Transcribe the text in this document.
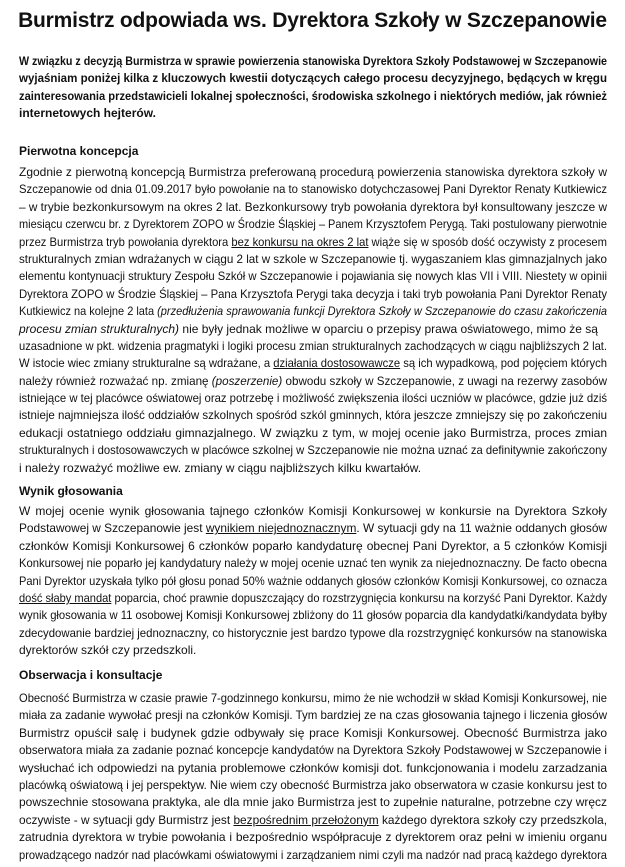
Burmistrz odpowiada ws. Dyrektora Szkoły w Szczepanowie
W związku z decyzją Burmistrza w sprawie powierzenia stanowiska Dyrektora Szkoły Podstawowej w Szczepanowie
wyjaśniam poniżej kilka z kluczowych kwestii dotyczących całego procesu decyzyjnego, będących w kręgu
zainteresowania przedstawicieli lokalnej społeczności, środowiska szkolnego i niektórych mediów, jak również
internetowych hejterów.
Pierwotna koncepcja
Zgodnie z pierwotną koncepcją Burmistrza preferowaną procedurą powierzenia stanowiska dyrektora szkoły w
Szczepanowie od dnia 01.09.2017 było powołanie na to stanowisko dotychczasowej Pani Dyrektor Renaty Kutkiewicz
– w trybie bezkonkursowym na okres 2 lat. Bezkonkursowy tryb powołania dyrektora był konsultowany jeszcze w
miesiącu czerwcu br. z Dyrektorem ZOPO w Środzie Śląskiej – Panem Krzysztofem Perygą. Taki postulowany pierwotnie
przez Burmistrza tryb powołania dyrektora bez konkursu na okres 2 lat wiąże się w sposób dość oczywisty z procesem
strukturalnych zmian wdrażanych w ciągu 2 lat w szkole w Szczepanowie tj. wygaszaniem klas gimnazjalnych jako
elementu kontynuacji struktury Zespołu Szkół w Szczepanowie i pojawiania się nowych klas VII i VIII. Niestety w opinii
Dyrektora ZOPO w Środzie Śląskiej – Pana Krzysztofa Perygi taka decyzja i taki tryb powołania Pani Dyrektor Renaty
Kutkiewicz na kolejne 2 lata (przedłużenia sprawowania funkcji Dyrektora Szkoły w Szczepanowie do czasu zakończenia
procesu zmian strukturalnych) nie były jednak możliwe w oparciu o przepisy prawa oświatowego, mimo że są
uzasadnione w pkt. widzenia pragmatyki i logiki procesu zmian strukturalnych zachodzących w ciągu najbliższych 2 lat.
W istocie wiec zmiany strukturalne są wdrażane, a działania dostosowawcze są ich wypadkową, pod pojęciem których
należy również rozważać np. zmianę (poszerzenie) obwodu szkoły w Szczepanowie, z uwagi na rezerwy zasobów
istniejące w tej placówce oświatowej oraz potrzebę i możliwość zwiększenia ilości uczniów w placówce, gdzie już dziś
istnieje najmniejsza ilość oddziałów szkolnych spośród szkól gminnych, która jeszcze zmniejszy się po zakończeniu
edukacji ostatniego oddziału gimnazjalnego. W związku z tym, w mojej ocenie jako Burmistrza, proces zmian
strukturalnych i dostosowawczych w placówce szkolnej w Szczepanowie nie można uznać za definitywnie zakończony
i należy rozważyć możliwe ew. zmiany w ciągu najbliższych kilku kwartałów.
Wynik głosowania
W mojej ocenie wynik głosowania tajnego członków Komisji Konkursowej w konkursie na Dyrektora Szkoły
Podstawowej w Szczepanowie jest wynikiem niejednoznacznym. W sytuacji gdy na 11 ważnie oddanych głosów
członków Komisji Konkursowej 6 członków poparło kandydaturę obecnej Pani Dyrektor, a 5 członków Komisji
Konkursowej nie poparło jej kandydatury należy w mojej ocenie uznać ten wynik za niejednoznaczny. De facto obecna
Pani Dyrektor uzyskała tylko pół głosu ponad 50% ważnie oddanych głosów członków Komisji Konkursowej, co oznacza
dość słaby mandat poparcia, choć prawnie dopuszczający do rozstrzygnięcia konkursu na korzyść Pani Dyrektor. Każdy
wynik głosowania w 11 osobowej Komisji Konkursowej zbliżony do 11 głosów poparcia dla kandydatki/kandydata byłby
zdecydowanie bardziej jednoznaczny, co historycznie jest bardzo typowe dla rozstrzygnięć konkursów na stanowiska
dyrektorów szkół czy przedszkoli.
Obserwacja i konsultacje
Obecność Burmistrza w czasie prawie 7-godzinnego konkursu, mimo że nie wchodził w skład Komisji Konkursowej, nie
miała za zadanie wywołać presji na członków Komisji. Tym bardziej ze na czas głosowania tajnego i liczenia głosów
Burmistrz opuścił salę i budynek gdzie odbywały się prace Komisji Konkursowej. Obecność Burmistrza jako
obserwatora miała za zadanie poznać koncepcje kandydatów na Dyrektora Szkoły Podstawowej w Szczepanowie i
wysłuchać ich odpowiedzi na pytania problemowe członków komisji dot. funkcjonowania i modelu zarzadzania
placówką oświatową i jej perspektyw. Nie wiem czy obecność Burmistrza jako obserwatora w czasie konkursu jest to
powszechnie stosowana praktyka, ale dla mnie jako Burmistrza jest to zupełnie naturalne, potrzebne czy wręcz
oczywiste - w sytuacji gdy Burmistrz jest bezpośrednim przełożonym każdego dyrektora szkoły czy przedszkola,
zatrudnia dyrektora w trybie powołania i bezpośrednio współpracuje z dyrektorem oraz pełni w imieniu organu
prowadzącego nadzór nad placówkami oświatowymi i zarządzaniem nimi czyli ma nadzór nad pracą każdego dyrektora
